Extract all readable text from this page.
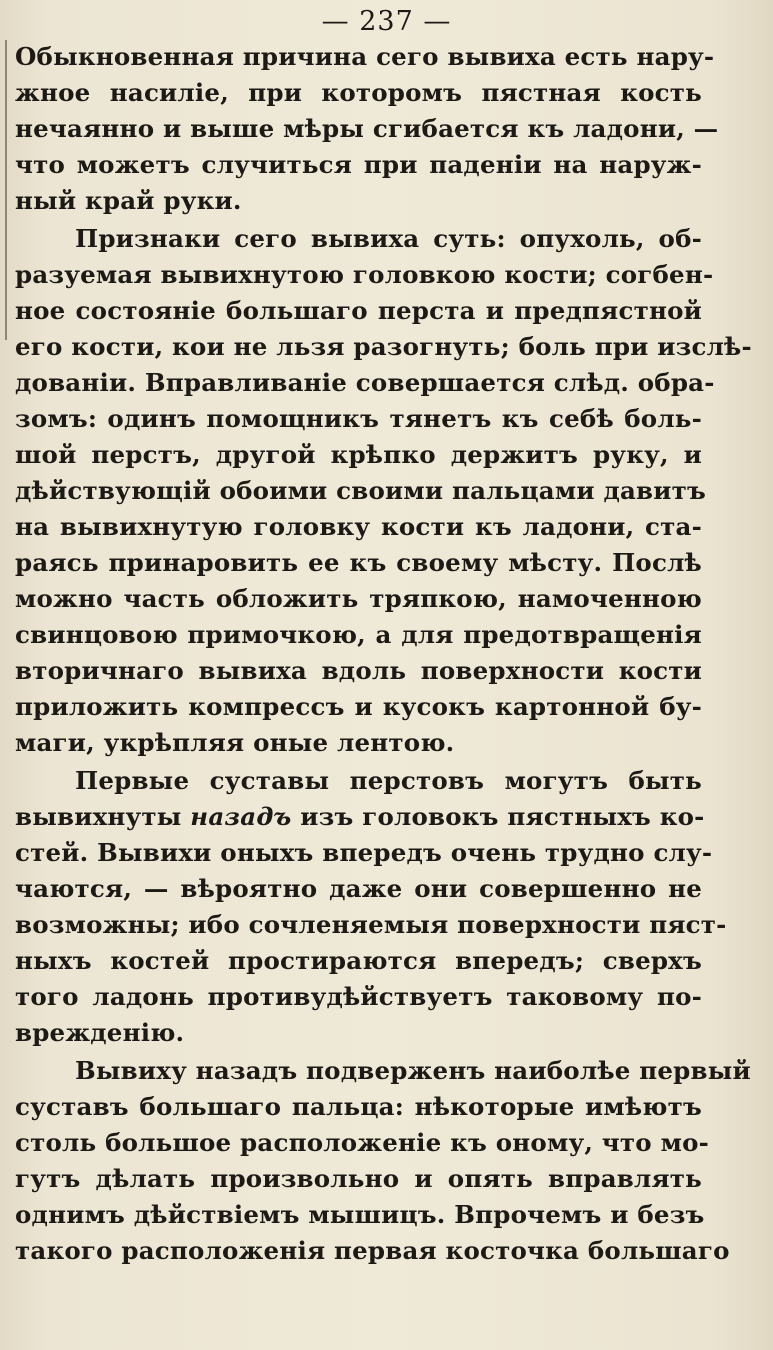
— 237 —
Обыкновенная причина сего вывиха есть нару-
жное насиліе, при которомъ пястная кость
нечаянно и выше мѣры сгибается къ ладони, —
что можетъ случиться при паденіи на наруж-
ный край руки.
Признаки сего вывиха суть: опухоль, об-
разуемая вывихнутою головкою кости; согбен-
ное состояніе большаго перста и предпястной
его кости, кои не льзя разогнуть; боль при изслѣ-
дованіи. Вправливаніе совершается слѣд. обра-
зомъ: одинъ помощникъ тянетъ къ себѣ боль-
шой перстъ, другой крѣпко держитъ руку, и
дѣйствующій обоими своими пальцами давитъ
на вывихнутую головку кости къ ладони, ста-
раясь принаровить ее къ своему мѣсту. Послѣ
можно часть обложить тряпкою, намоченною
свинцовою примочкою, а для предотвращенія
вторичнаго вывиха вдоль поверхности кости
приложить компрессъ и кусокъ картонной бу-
маги, укрѣпляя оные лентою.
Первые суставы перстовъ могутъ быть
вывихнуты назадъ изъ головокъ пястныхъ ко-
стей. Вывихи оныхъ впередъ очень трудно слу-
чаются, — вѣроятно даже они совершенно не
возможны; ибо сочленяемыя поверхности пяст-
ныхъ костей простираются впередъ; сверхъ
того ладонь противудѣйствуетъ таковому по-
врежденію.
Вывиху назадъ подверженъ наиболѣе первый
суставъ большаго пальца: нѣкоторые имѣютъ
столь большое расположеніе къ оному, что мо-
гутъ дѣлать произвольно и опять вправлять
однимъ дѣйствіемъ мышицъ. Впрочемъ и безъ
такого расположенія первая косточка большаго
